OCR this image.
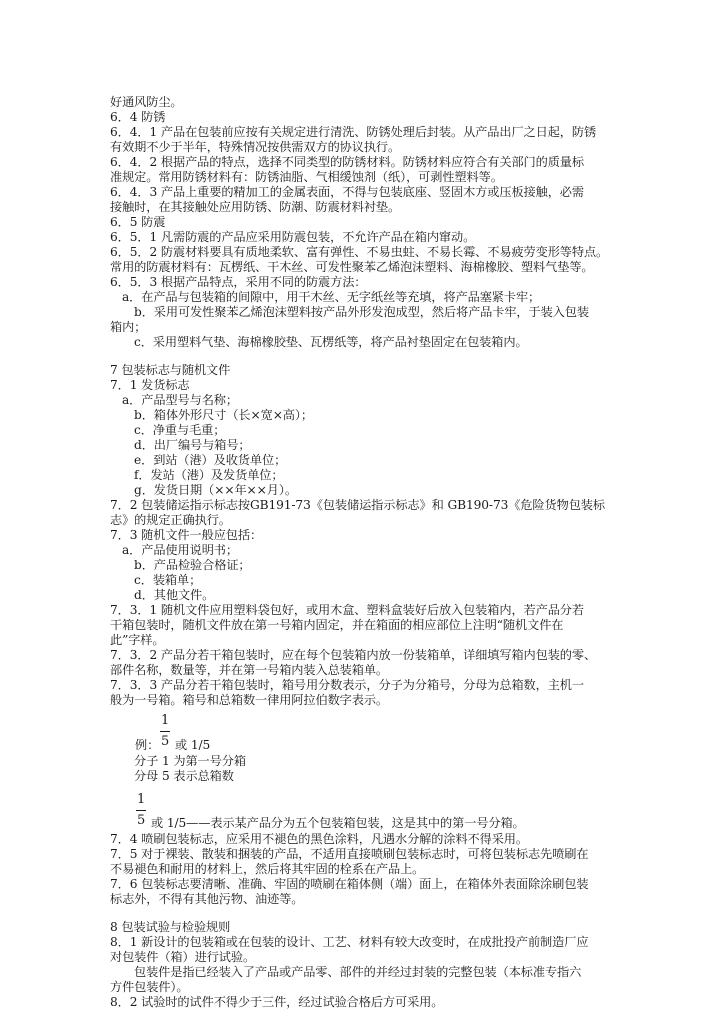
好通风防尘。
6．4 防锈
6．4．1 产品在包装前应按有关规定进行清洗、防锈处理后封装。从产品出厂之日起，防锈
有效期不少于半年，特殊情况按供需双方的协议执行。
6．4．2 根据产品的特点，选择不同类型的防锈材料。防锈材料应符合有关部门的质量标
准规定。常用防锈材料有：防锈油脂、气相缓蚀剂（纸），可剥性塑料等。
6．4．3 产品上重要的精加工的金属表面，不得与包装底座、竖固木方或压板接触，必需
接触时，在其接触处应用防锈、防潮、防震材料衬垫。
6．5 防震
6．5．1 凡需防震的产品应采用防震包装，不允许产品在箱内窜动。
6．5．2 防震材料要具有质地柔软、富有弹性、不易虫蛀、不易长霉、不易疲劳变形等特点。
常用的防震材料有：瓦楞纸、干木丝、可发性聚苯乙烯泡沫塑料、海棉橡胶、塑料气垫等。
6．5．3 根据产品特点，采用不同的防震方法：
a．在产品与包装箱的间隙中，用干木丝、无字纸丝等充填，将产品塞紧卡牢；
b．采用可发性聚苯乙烯泡沫塑料按产品外形发泡成型，然后将产品卡牢，于装入包装
箱内；
c．采用塑料气垫、海棉橡胶垫、瓦楞纸等，将产品衬垫固定在包装箱内。
7 包装标志与随机文件
7．1 发货标志
a．产品型号与名称；
b．箱体外形尺寸（长×宽×高）；
c．净重与毛重；
d．出厂编号与箱号；
e．到站（港）及收货单位；
f．发站（港）及发货单位；
g．发货日期（××年××月）。
7．2 包装储运指示标志按GB191-73《包装储运指示标志》和 GB190-73《危险货物包装标
志》的规定正确执行。
7．3 随机文件一般应包括：
a．产品使用说明书；
b．产品检验合格证；
c．装箱单；
d．其他文件。
7．3．1 随机文件应用塑料袋包好，或用木盒、塑料盒装好后放入包装箱内，若产品分若
干箱包装时，随机文件放在第一号箱内固定，并在箱面的相应部位上注明“随机文件在
此”字样。
7．3．2 产品分若干箱包装时，应在每个包装箱内放一份装箱单，详细填写箱内包装的零、
部件名称，数量等，并在第一号箱内装入总装箱单。
7．3．3 产品分若干箱包装时，箱号用分数表示，分子为分箱号，分母为总箱数，主机一
般为一号箱。箱号和总箱数一律用阿拉伯数字表示。
1
例： 5 或 1/5
分子 1 为第一号分箱
分母 5 表示总箱数
1
5 或 1/5——表示某产品分为五个包装箱包装，这是其中的第一号分箱。
7．4 喷刷包装标志，应采用不褪色的黑色涂料，凡遇水分解的涂料不得采用。
7．5 对于裸装、散装和捆装的产品，不适用直接喷刷包装标志时，可将包装标志先喷刷在
不易褪色和耐用的材料上，然后将其牢固的栓系在产品上。
7．6 包装标志要清晰、准确、牢固的喷刷在箱体侧（端）面上，在箱体外表面除涂刷包装
标志外，不得有其他污物、油迹等。
8 包装试验与检验规则
8．1 新设计的包装箱或在包装的设计、工艺、材料有较大改变时，在成批投产前制造厂应
对包装件（箱）进行试验。
包装件是指已经装入了产品或产品零、部件的并经过封装的完整包装（本标准专指六
方件包装件）。
8．2 试验时的试件不得少于三件，经过试验合格后方可采用。
